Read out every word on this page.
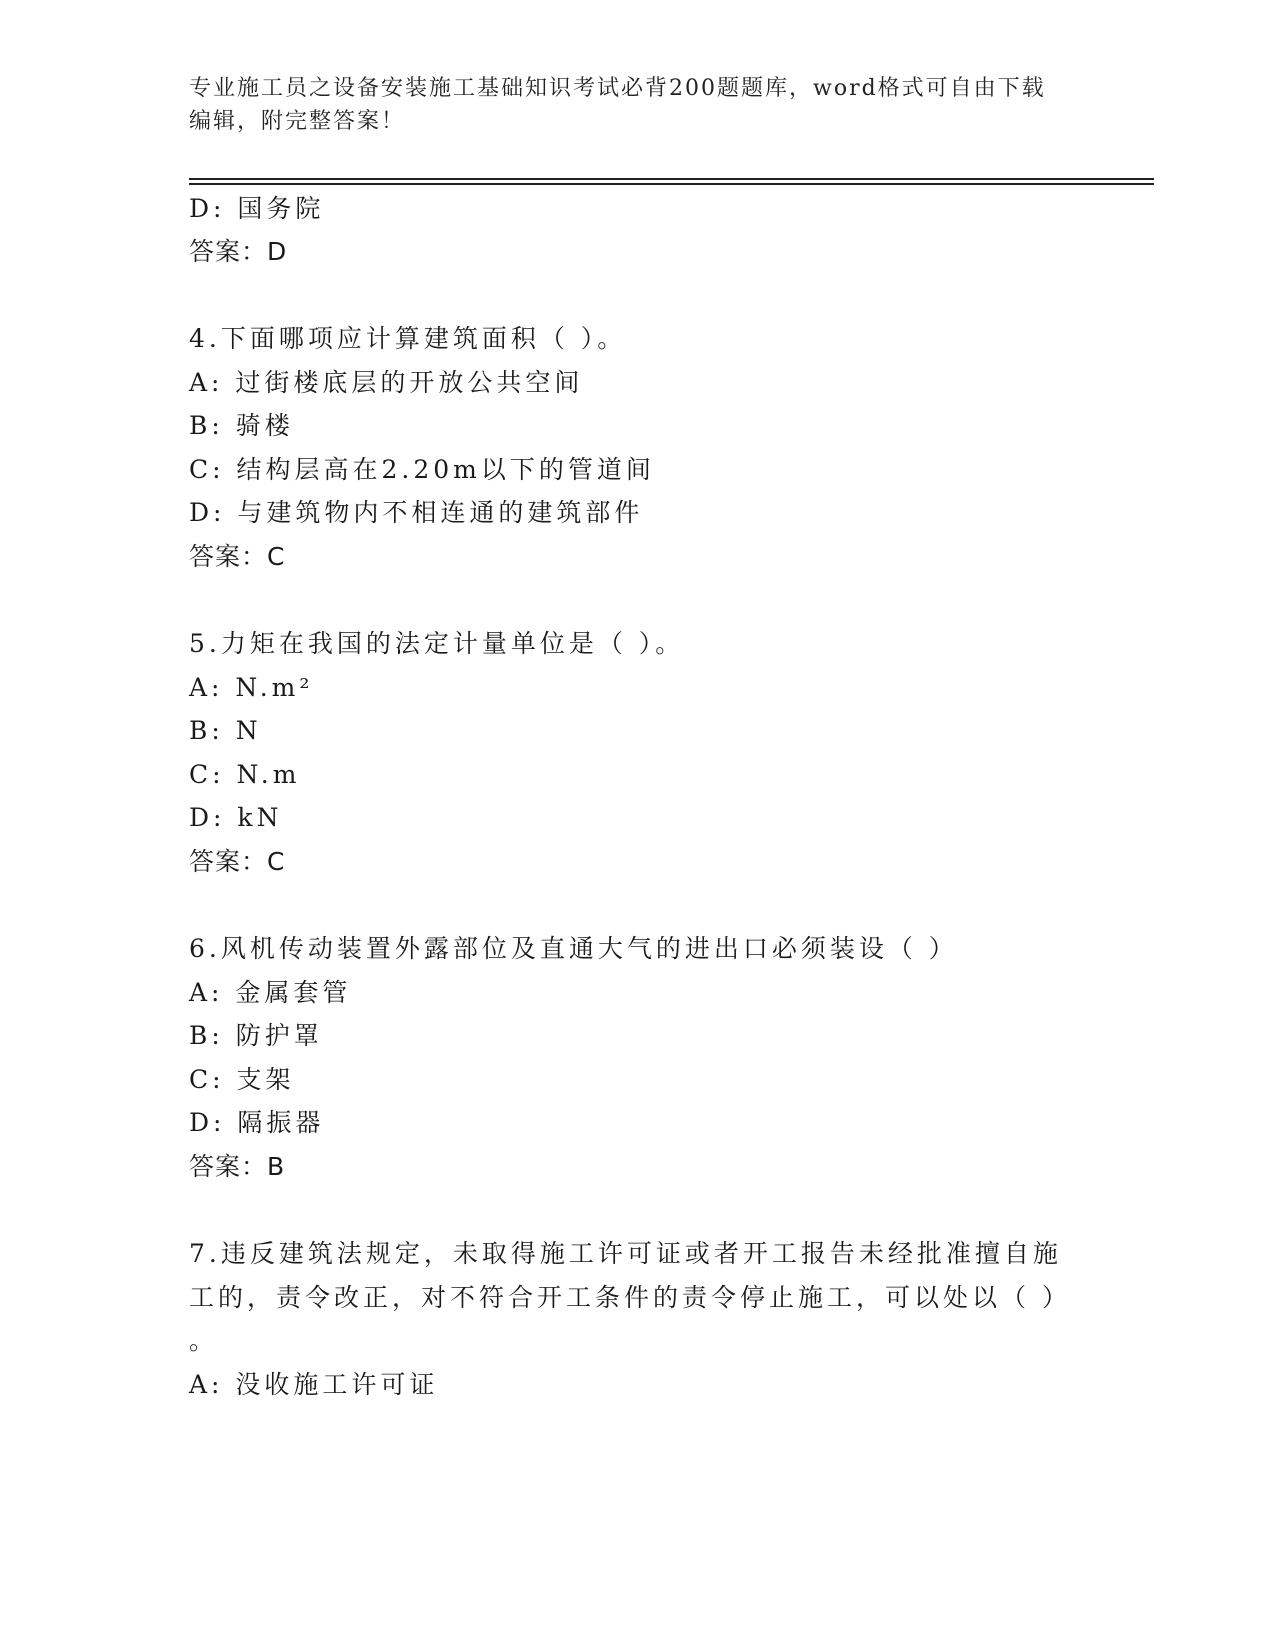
专业施工员之设备安装施工基础知识考试必背200题题库，word格式可自由下载
编辑，附完整答案！
D: 国务院
答案：D
4.下面哪项应计算建筑面积（ ）。
A: 过街楼底层的开放公共空间
B: 骑楼
C: 结构层高在2.20m以下的管道间
D: 与建筑物内不相连通的建筑部件
答案：C
5.力矩在我国的法定计量单位是（ ）。
A: N.m²
B: N
C: N.m
D: kN
答案：C
6.风机传动装置外露部位及直通大气的进出口必须装设（ ）
A: 金属套管
B: 防护罩
C: 支架
D: 隔振器
答案：B
7.违反建筑法规定，未取得施工许可证或者开工报告未经批准擅自施
工的，责令改正，对不符合开工条件的责令停止施工，可以处以（ ）
。
A: 没收施工许可证
